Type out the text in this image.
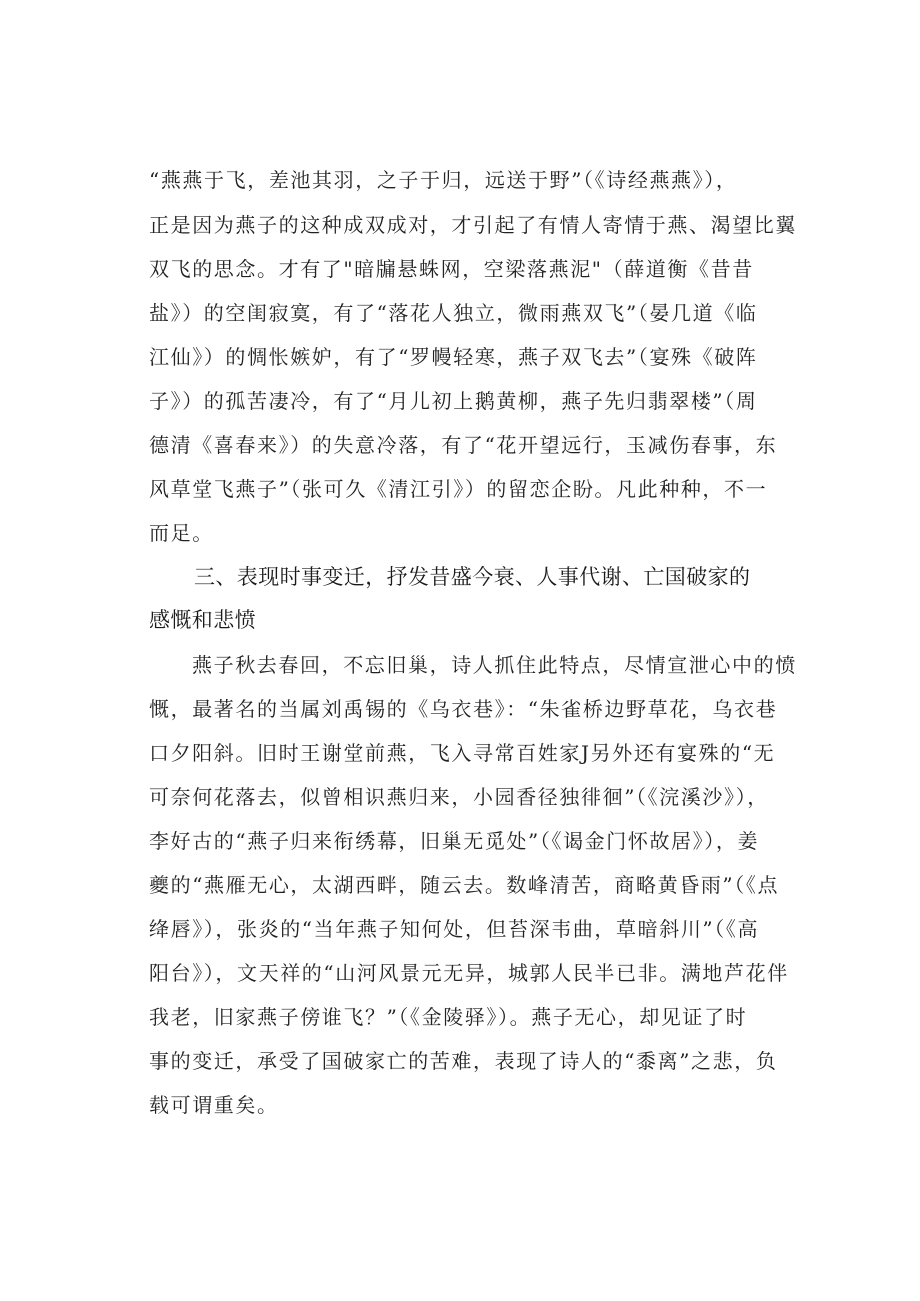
“燕燕于飞，差池其羽，之子于归，远送于野”（《诗经燕燕》），
正是因为燕子的这种成双成对，才引起了有情人寄情于燕、渴望比翼
双飞的思念。才有了"暗牖悬蛛网，空梁落燕泥"（薛道衡《昔昔
盐》）的空闺寂寞，有了“落花人独立，微雨燕双飞”（晏几道《临
江仙》）的惆怅嫉妒，有了“罗幔轻寒，燕子双飞去”（宴殊《破阵
子》）的孤苦凄冷，有了“月儿初上鹅黄柳，燕子先归翡翠楼”（周
德清《喜春来》）的失意冷落，有了“花开望远行，玉减伤春事，东
风草堂飞燕子”（张可久《清江引》）的留恋企盼。凡此种种，不一
而足。
三、表现时事变迁，抒发昔盛今衰、人事代谢、亡国破家的
感慨和悲愤
燕子秋去春回，不忘旧巢，诗人抓住此特点，尽情宣泄心中的愤
慨，最著名的当属刘禹锡的《乌衣巷》：“朱雀桥边野草花，乌衣巷
口夕阳斜。旧时王谢堂前燕，飞入寻常百姓家J另外还有宴殊的“无
可奈何花落去，似曾相识燕归来，小园香径独徘徊”（《浣溪沙》），
李好古的“燕子归来衔绣幕，旧巢无觅处”（《谒金门怀故居》），姜
夔的“燕雁无心，太湖西畔，随云去。数峰清苦，商略黄昏雨”（《点
绛唇》），张炎的“当年燕子知何处，但苔深韦曲，草暗斜川”（《高
阳台》），文天祥的“山河风景元无异，城郭人民半已非。满地芦花伴
我老，旧家燕子傍谁飞？”（《金陵驿》）。燕子无心，却见证了时
事的变迁，承受了国破家亡的苦难，表现了诗人的“黍离”之悲，负
载可谓重矣。
